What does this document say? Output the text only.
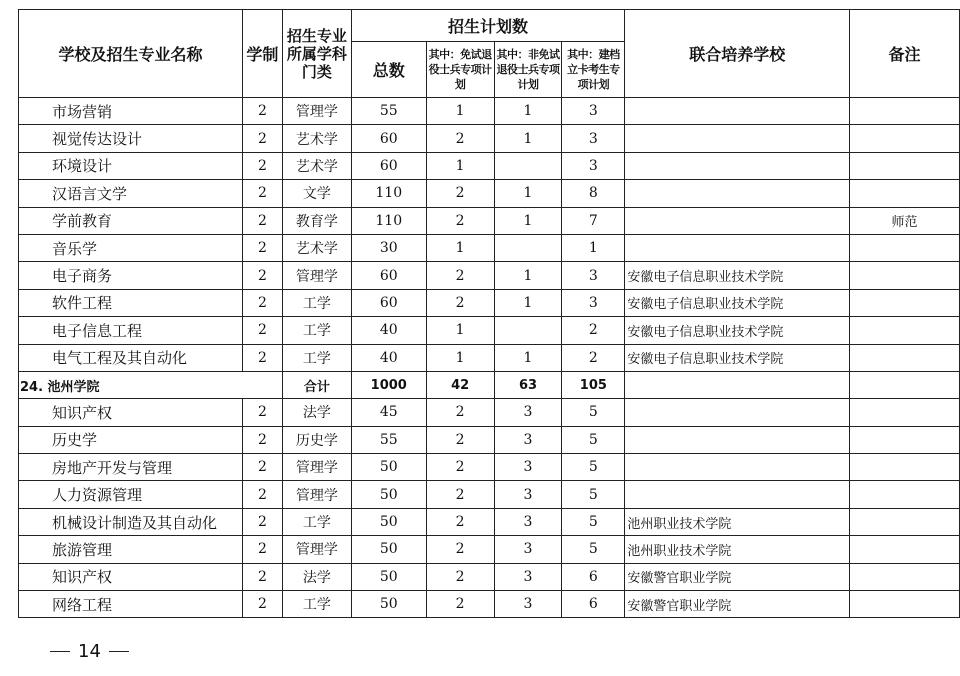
学校及招生专业名称	学制	招生专业所属学科门类	招生计划数				联合培养学校	备注
			总数	其中：免试退役士兵专项计划	其中：非免试退役士兵专项计划	其中：建档立卡考生专项计划		
市场营销	2	管理学	55	1	1	3		
视觉传达设计	2	艺术学	60	2	1	3		
环境设计	2	艺术学	60	1		3		
汉语言文学	2	文学	110	2	1	8		
学前教育	2	教育学	110	2	1	7		师范
音乐学	2	艺术学	30	1		1		
电子商务	2	管理学	60	2	1	3	安徽电子信息职业技术学院	
软件工程	2	工学	60	2	1	3	安徽电子信息职业技术学院	
电子信息工程	2	工学	40	1		2	安徽电子信息职业技术学院	
电气工程及其自动化	2	工学	40	1	1	2	安徽电子信息职业技术学院	
24. 池州学院		合计	1000	42	63	105		
知识产权	2	法学	45	2	3	5		
历史学	2	历史学	55	2	3	5		
房地产开发与管理	2	管理学	50	2	3	5		
人力资源管理	2	管理学	50	2	3	5		
机械设计制造及其自动化	2	工学	50	2	3	5	池州职业技术学院	
旅游管理	2	管理学	50	2	3	5	池州职业技术学院	
知识产权	2	法学	50	2	3	6	安徽警官职业学院	
网络工程	2	工学	50	2	3	6	安徽警官职业学院	
14
